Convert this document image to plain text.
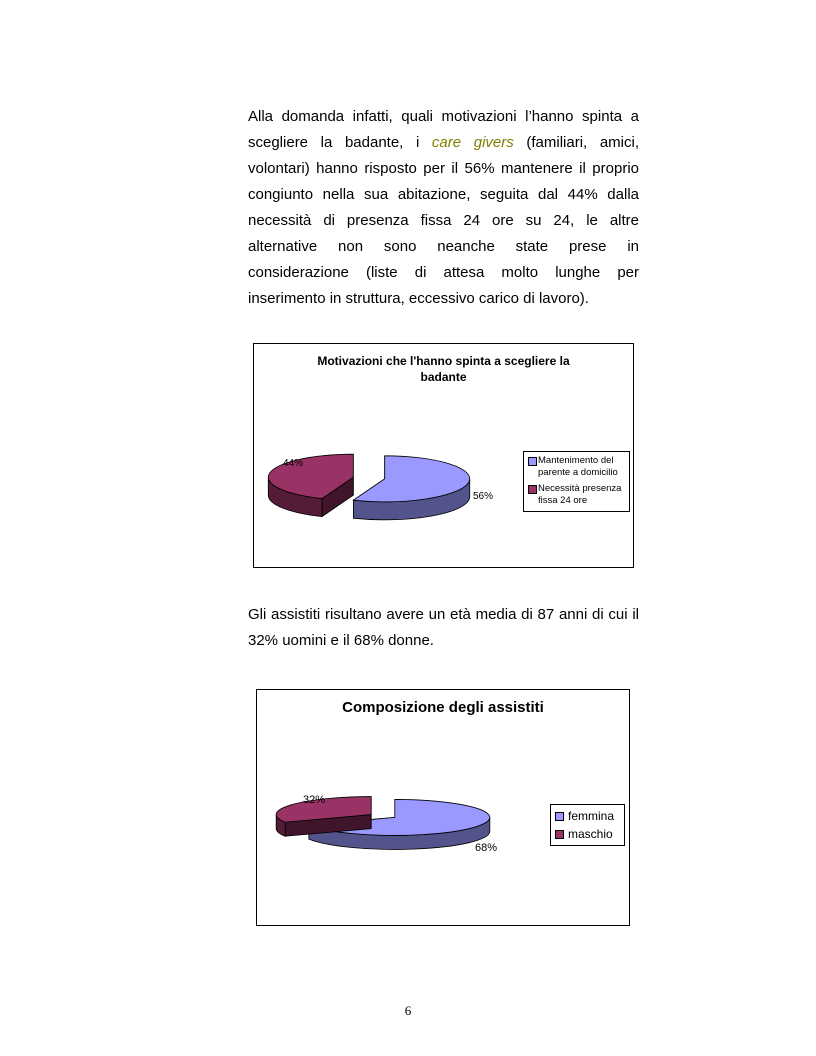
Alla domanda infatti, quali motivazioni l’hanno spinta a
scegliere la badante, i care givers (familiari, amici,
volontari) hanno risposto per il 56% mantenere il proprio
congiunto nella sua abitazione, seguita dal 44% dalla
necessità di presenza fissa 24 ore su 24, le altre
alternative non sono neanche state prese in
considerazione (liste di attesa molto lunghe per
inserimento in struttura, eccessivo carico di lavoro).
Motivazioni che l'hanno spinta a scegliere la badante
56%
44%	Mantenimento del parente a domicilio
Necessità presenza fissa 24 ore
Gli assistiti risultano avere un età media di 87 anni di cui il
32% uomini e il 68% donne.
Composizione degli assistiti
68%
32%
femmina
maschio
6
